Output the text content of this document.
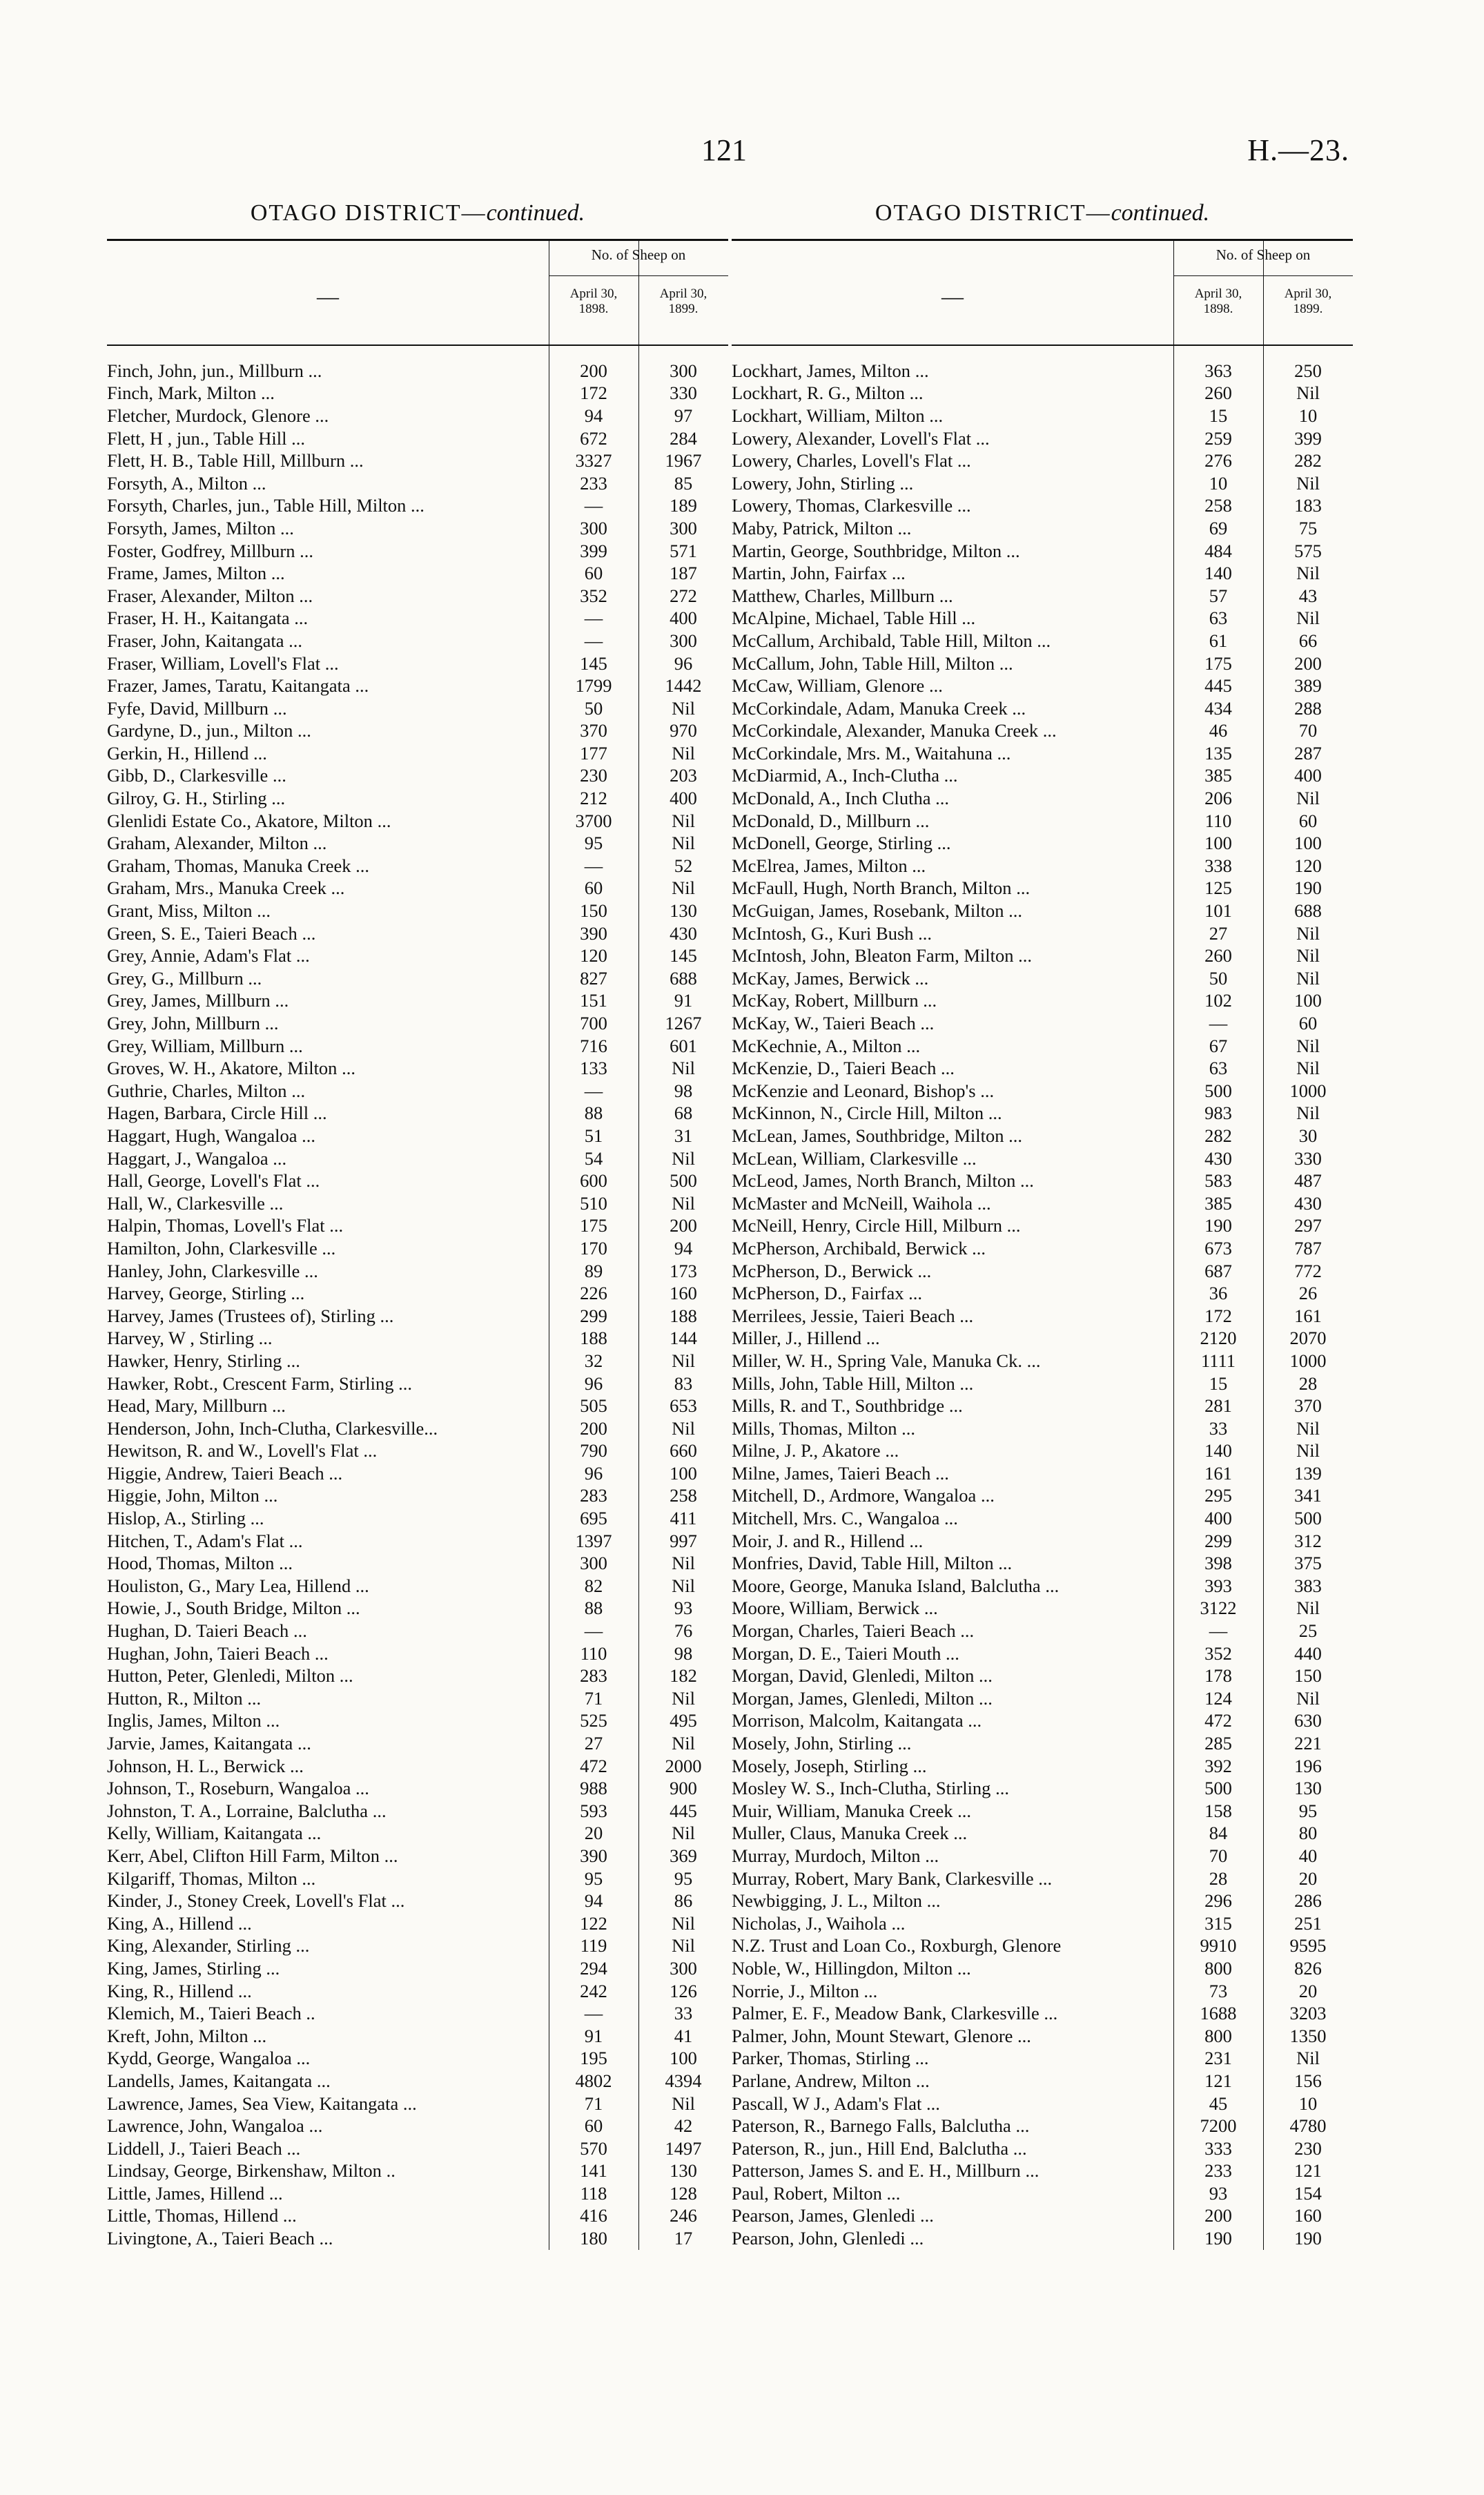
121	H.—23.
OTAGO DISTRICT—continued.
—
No. of Sheep on
April 30,
1898.
April 30,
1899.
Finch, John, jun., Millburn ...	200	300
Finch, Mark, Milton ...	172	330
Fletcher, Murdock, Glenore ...	94	97
Flett, H , jun., Table Hill ...	672	284
Flett, H. B., Table Hill, Millburn ...	3327	1967
Forsyth, A., Milton ...	233	85
Forsyth, Charles, jun., Table Hill, Milton ...	—	189
Forsyth, James, Milton ...	300	300
Foster, Godfrey, Millburn ...	399	571
Frame, James, Milton ...	60	187
Fraser, Alexander, Milton ...	352	272
Fraser, H. H., Kaitangata ...	—	400
Fraser, John, Kaitangata ...	—	300
Fraser, William, Lovell's Flat ...	145	96
Frazer, James, Taratu, Kaitangata ...	1799	1442
Fyfe, David, Millburn ...	50	Nil
Gardyne, D., jun., Milton ...	370	970
Gerkin, H., Hillend ...	177	Nil
Gibb, D., Clarkesville ...	230	203
Gilroy, G. H., Stirling ...	212	400
Glenlidi Estate Co., Akatore, Milton ...	3700	Nil
Graham, Alexander, Milton ...	95	Nil
Graham, Thomas, Manuka Creek ...	—	52
Graham, Mrs., Manuka Creek ...	60	Nil
Grant, Miss, Milton ...	150	130
Green, S. E., Taieri Beach ...	390	430
Grey, Annie, Adam's Flat ...	120	145
Grey, G., Millburn ...	827	688
Grey, James, Millburn ...	151	91
Grey, John, Millburn ...	700	1267
Grey, William, Millburn ...	716	601
Groves, W. H., Akatore, Milton ...	133	Nil
Guthrie, Charles, Milton ...	—	98
Hagen, Barbara, Circle Hill ...	88	68
Haggart, Hugh, Wangaloa ...	51	31
Haggart, J., Wangaloa ...	54	Nil
Hall, George, Lovell's Flat ...	600	500
Hall, W., Clarkesville ...	510	Nil
Halpin, Thomas, Lovell's Flat ...	175	200
Hamilton, John, Clarkesville ...	170	94
Hanley, John, Clarkesville ...	89	173
Harvey, George, Stirling ...	226	160
Harvey, James (Trustees of), Stirling ...	299	188
Harvey, W , Stirling ...	188	144
Hawker, Henry, Stirling ...	32	Nil
Hawker, Robt., Crescent Farm, Stirling ...	96	83
Head, Mary, Millburn ...	505	653
Henderson, John, Inch-Clutha, Clarkesville...	200	Nil
Hewitson, R. and W., Lovell's Flat ...	790	660
Higgie, Andrew, Taieri Beach ...	96	100
Higgie, John, Milton ...	283	258
Hislop, A., Stirling ...	695	411
Hitchen, T., Adam's Flat ...	1397	997
Hood, Thomas, Milton ...	300	Nil
Houliston, G., Mary Lea, Hillend ...	82	Nil
Howie, J., South Bridge, Milton ...	88	93
Hughan, D. Taieri Beach ...	—	76
Hughan, John, Taieri Beach ...	110	98
Hutton, Peter, Glenledi, Milton ...	283	182
Hutton, R., Milton ...	71	Nil
Inglis, James, Milton ...	525	495
Jarvie, James, Kaitangata ...	27	Nil
Johnson, H. L., Berwick ...	472	2000
Johnson, T., Roseburn, Wangaloa ...	988	900
Johnston, T. A., Lorraine, Balclutha ...	593	445
Kelly, William, Kaitangata ...	20	Nil
Kerr, Abel, Clifton Hill Farm, Milton ...	390	369
Kilgariff, Thomas, Milton ...	95	95
Kinder, J., Stoney Creek, Lovell's Flat ...	94	86
King, A., Hillend ...	122	Nil
King, Alexander, Stirling ...	119	Nil
King, James, Stirling ...	294	300
King, R., Hillend ...	242	126
Klemich, M., Taieri Beach ..	—	33
Kreft, John, Milton ...	91	41
Kydd, George, Wangaloa ...	195	100
Landells, James, Kaitangata ...	4802	4394
Lawrence, James, Sea View, Kaitangata ...	71	Nil
Lawrence, John, Wangaloa ...	60	42
Liddell, J., Taieri Beach ...	570	1497
Lindsay, George, Birkenshaw, Milton ..	141	130
Little, James, Hillend ...	118	128
Little, Thomas, Hillend ...	416	246
Livingtone, A., Taieri Beach ...	180	17
OTAGO DISTRICT—continued.
—
No. of Sheep on
April 30,
1898.
April 30,
1899.
Lockhart, James, Milton ...	363	250
Lockhart, R. G., Milton ...	260	Nil
Lockhart, William, Milton ...	15	10
Lowery, Alexander, Lovell's Flat ...	259	399
Lowery, Charles, Lovell's Flat ...	276	282
Lowery, John, Stirling ...	10	Nil
Lowery, Thomas, Clarkesville ...	258	183
Maby, Patrick, Milton ...	69	75
Martin, George, Southbridge, Milton ...	484	575
Martin, John, Fairfax ...	140	Nil
Matthew, Charles, Millburn ...	57	43
McAlpine, Michael, Table Hill ...	63	Nil
McCallum, Archibald, Table Hill, Milton ...	61	66
McCallum, John, Table Hill, Milton ...	175	200
McCaw, William, Glenore ...	445	389
McCorkindale, Adam, Manuka Creek ...	434	288
McCorkindale, Alexander, Manuka Creek ...	46	70
McCorkindale, Mrs. M., Waitahuna ...	135	287
McDiarmid, A., Inch-Clutha ...	385	400
McDonald, A., Inch Clutha ...	206	Nil
McDonald, D., Millburn ...	110	60
McDonell, George, Stirling ...	100	100
McElrea, James, Milton ...	338	120
McFaull, Hugh, North Branch, Milton ...	125	190
McGuigan, James, Rosebank, Milton ...	101	688
McIntosh, G., Kuri Bush ...	27	Nil
McIntosh, John, Bleaton Farm, Milton ...	260	Nil
McKay, James, Berwick ...	50	Nil
McKay, Robert, Millburn ...	102	100
McKay, W., Taieri Beach ...	—	60
McKechnie, A., Milton ...	67	Nil
McKenzie, D., Taieri Beach ...	63	Nil
McKenzie and Leonard, Bishop's ...	500	1000
McKinnon, N., Circle Hill, Milton ...	983	Nil
McLean, James, Southbridge, Milton ...	282	30
McLean, William, Clarkesville ...	430	330
McLeod, James, North Branch, Milton ...	583	487
McMaster and McNeill, Waihola ...	385	430
McNeill, Henry, Circle Hill, Milburn ...	190	297
McPherson, Archibald, Berwick ...	673	787
McPherson, D., Berwick ...	687	772
McPherson, D., Fairfax ...	36	26
Merrilees, Jessie, Taieri Beach ...	172	161
Miller, J., Hillend ...	2120	2070
Miller, W. H., Spring Vale, Manuka Ck. ...	1111	1000
Mills, John, Table Hill, Milton ...	15	28
Mills, R. and T., Southbridge ...	281	370
Mills, Thomas, Milton ...	33	Nil
Milne, J. P., Akatore ...	140	Nil
Milne, James, Taieri Beach ...	161	139
Mitchell, D., Ardmore, Wangaloa ...	295	341
Mitchell, Mrs. C., Wangaloa ...	400	500
Moir, J. and R., Hillend ...	299	312
Monfries, David, Table Hill, Milton ...	398	375
Moore, George, Manuka Island, Balclutha ...	393	383
Moore, William, Berwick ...	3122	Nil
Morgan, Charles, Taieri Beach ...	—	25
Morgan, D. E., Taieri Mouth ...	352	440
Morgan, David, Glenledi, Milton ...	178	150
Morgan, James, Glenledi, Milton ...	124	Nil
Morrison, Malcolm, Kaitangata ...	472	630
Mosely, John, Stirling ...	285	221
Mosely, Joseph, Stirling ...	392	196
Mosley W. S., Inch-Clutha, Stirling ...	500	130
Muir, William, Manuka Creek ...	158	95
Muller, Claus, Manuka Creek ...	84	80
Murray, Murdoch, Milton ...	70	40
Murray, Robert, Mary Bank, Clarkesville ...	28	20
Newbigging, J. L., Milton ...	296	286
Nicholas, J., Waihola ...	315	251
N.Z. Trust and Loan Co., Roxburgh, Glenore	9910	9595
Noble, W., Hillingdon, Milton ...	800	826
Norrie, J., Milton ...	73	20
Palmer, E. F., Meadow Bank, Clarkesville ...	1688	3203
Palmer, John, Mount Stewart, Glenore ...	800	1350
Parker, Thomas, Stirling ...	231	Nil
Parlane, Andrew, Milton ...	121	156
Pascall, W J., Adam's Flat ...	45	10
Paterson, R., Barnego Falls, Balclutha ...	7200	4780
Paterson, R., jun., Hill End, Balclutha ...	333	230
Patterson, James S. and E. H., Millburn ...	233	121
Paul, Robert, Milton ...	93	154
Pearson, James, Glenledi ...	200	160
Pearson, John, Glenledi ...	190	190
